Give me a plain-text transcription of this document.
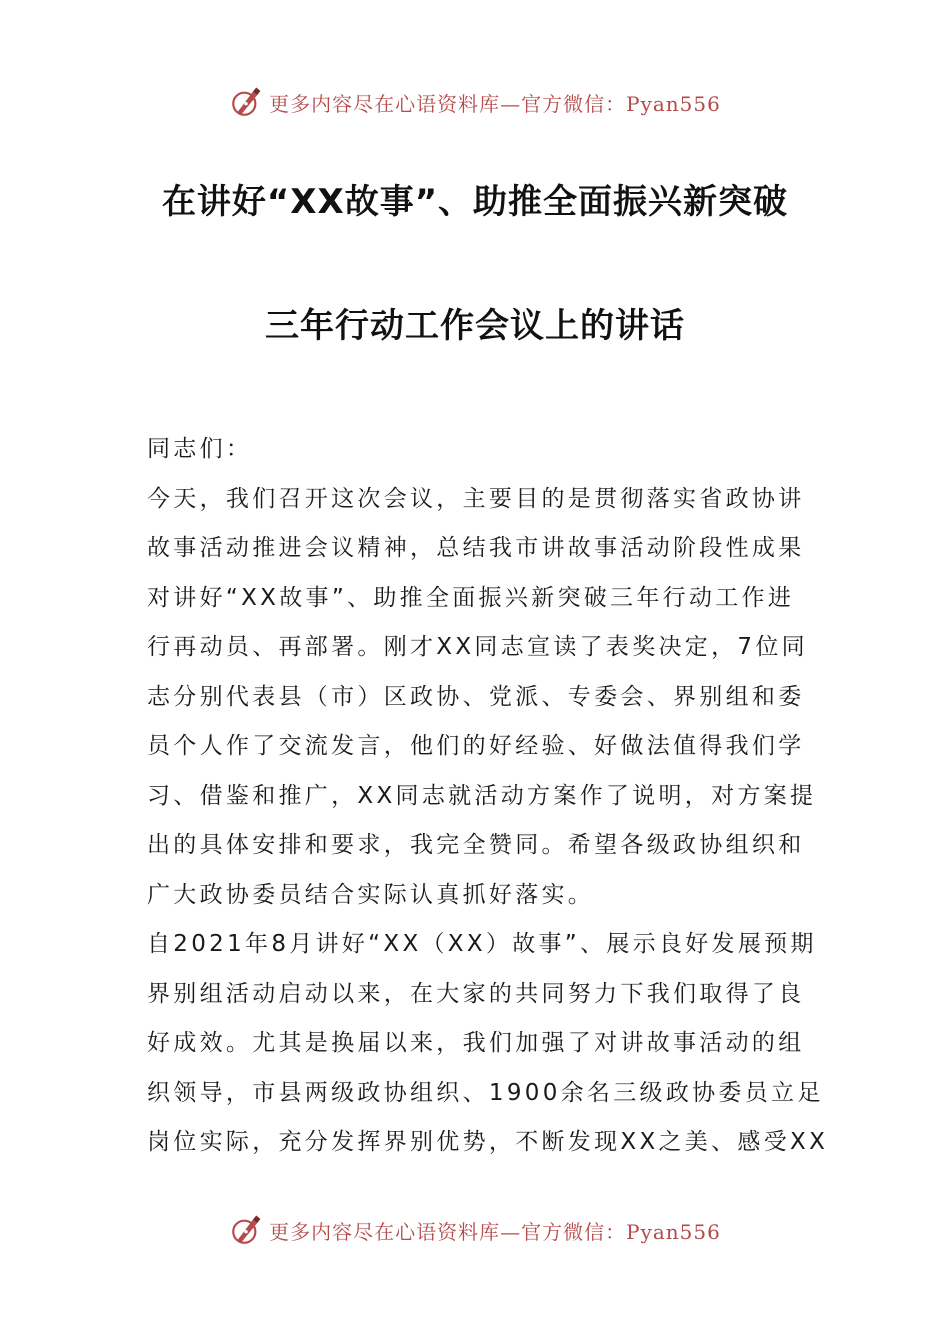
更多内容尽在心语资料库—官方微信：Pyan556
在讲好“XX故事”、助推全面振兴新突破
三年行动工作会议上的讲话
同志们：
今天，我们召开这次会议，主要目的是贯彻落实省政协讲
故事活动推进会议精神，总结我市讲故事活动阶段性成果
对讲好“XX故事”、助推全面振兴新突破三年行动工作进
行再动员、再部署。刚才XX同志宣读了表奖决定，7位同
志分别代表县（市）区政协、党派、专委会、界别组和委
员个人作了交流发言，他们的好经验、好做法值得我们学
习、借鉴和推广，XX同志就活动方案作了说明，对方案提
出的具体安排和要求，我完全赞同。希望各级政协组织和
广大政协委员结合实际认真抓好落实。
自2021年8月讲好“XX（XX）故事”、展示良好发展预期
界别组活动启动以来，在大家的共同努力下我们取得了良
好成效。尤其是换届以来，我们加强了对讲故事活动的组
织领导，市县两级政协组织、1900余名三级政协委员立足
岗位实际，充分发挥界别优势，不断发现XX之美、感受XX
更多内容尽在心语资料库—官方微信：Pyan556
